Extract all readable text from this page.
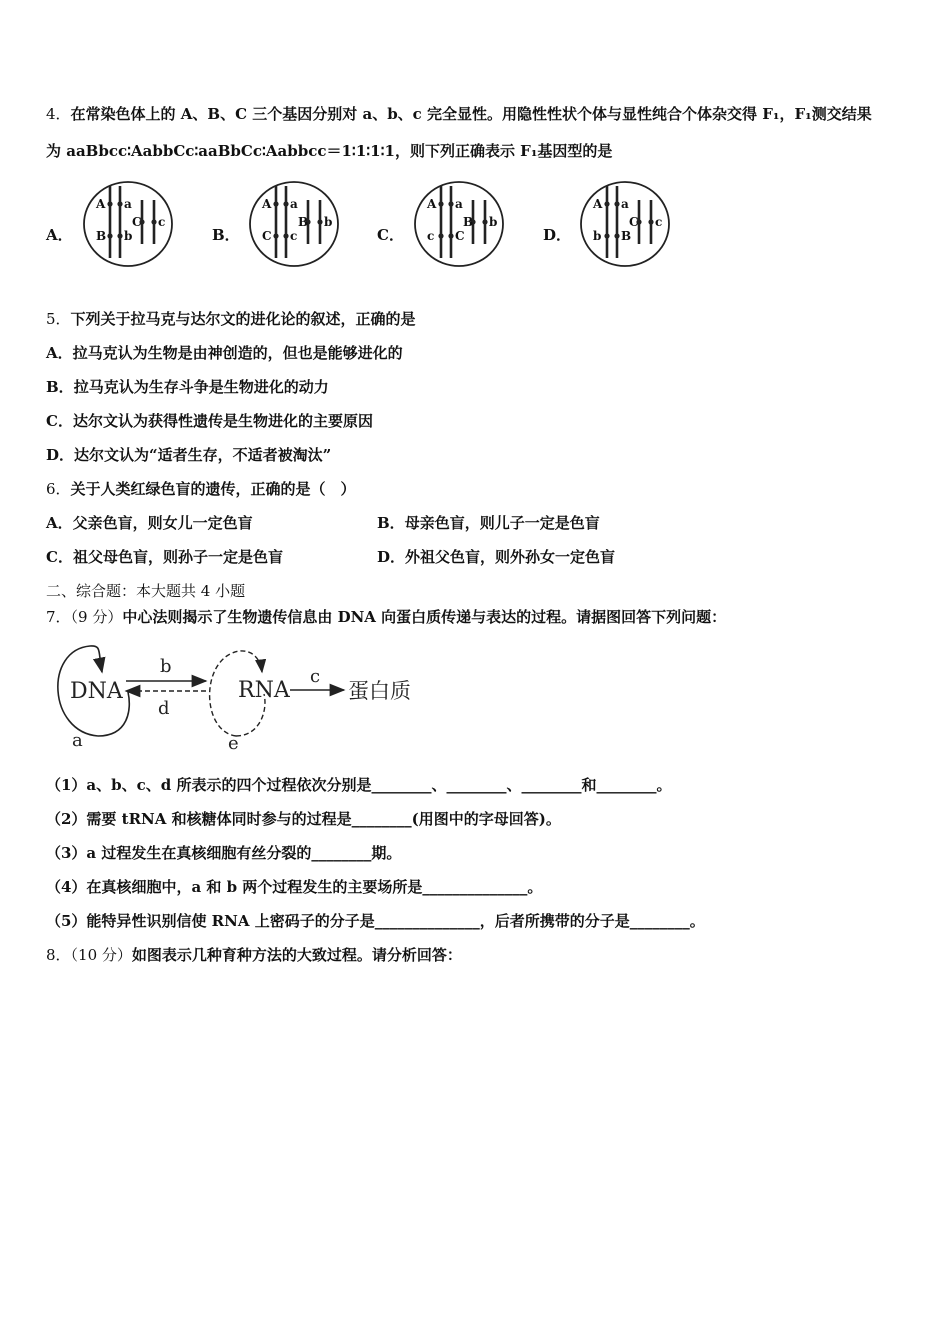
4．在常染色体上的 A、B、C 三个基因分别对 a、b、c 完全显性。用隐性性状个体与显性纯合个体杂交得 F₁，F₁测交结果
为 aaBbcc∶AabbCc∶aaBbCc∶Aabbcc＝1∶1∶1∶1，则下列正确表示 F₁基因型的是
A．
A a
B b
C c
B．
A a
C c
B b
C．
A a
c C
B b
D．
A a
b B
C c
5．下列关于拉马克与达尔文的进化论的叙述，正确的是
A．拉马克认为生物是由神创造的，但也是能够进化的
B．拉马克认为生存斗争是生物进化的动力
C．达尔文认为获得性遗传是生物进化的主要原因
D．达尔文认为“适者生存，不适者被淘汰”
6．关于人类红绿色盲的遗传，正确的是（　）
A．父亲色盲，则女儿一定色盲	B．母亲色盲，则儿子一定是色盲
C．祖父母色盲，则孙子一定是色盲	D．外祖父色盲，则外孙女一定色盲
二、综合题：本大题共 4 小题
7．（9 分）中心法则揭示了生物遗传信息由 DNA 向蛋白质传递与表达的过程。请据图回答下列问题：
DNA
a
b
d
RNA
e
c
蛋白质
（1）a、b、c、d 所表示的四个过程依次分别是________、________、________和________。
（2）需要 tRNA 和核糖体同时参与的过程是________(用图中的字母回答)。
（3）a 过程发生在真核细胞有丝分裂的________期。
（4）在真核细胞中，a 和 b 两个过程发生的主要场所是______________。
（5）能特异性识别信使 RNA 上密码子的分子是______________，后者所携带的分子是________。
8．（10 分）如图表示几种育种方法的大致过程。请分析回答：
